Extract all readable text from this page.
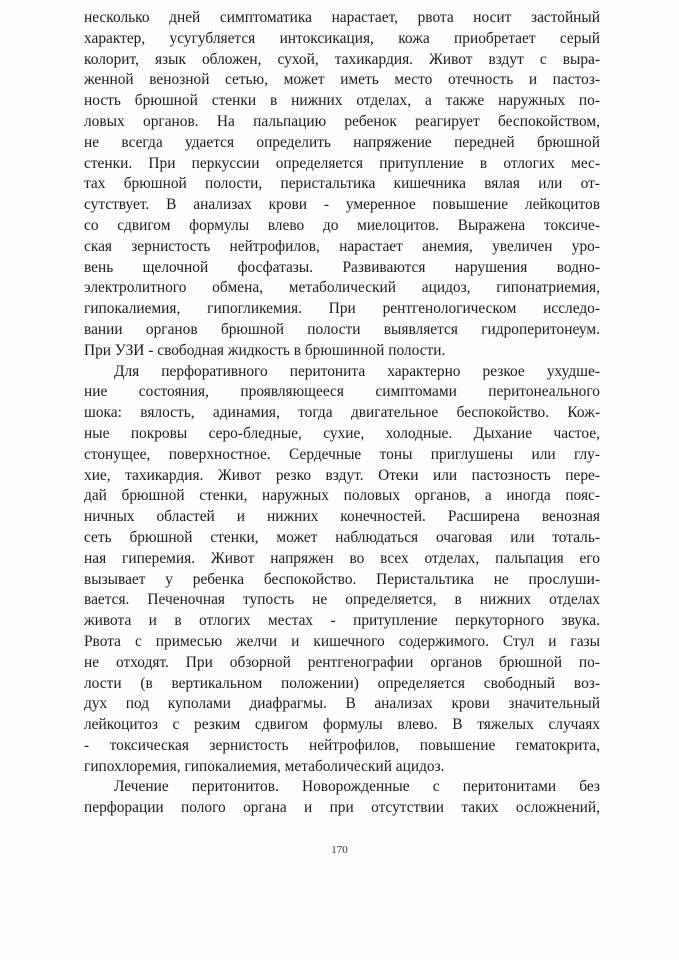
несколько дней симптоматика нарастает, рвота носит застойный
характер, усугубляется интоксикация, кожа приобретает серый
колорит, язык обложен, сухой, тахикардия. Живот вздут с выра-
женной венозной сетью, может иметь место отечность и пастоз-
ность брюшной стенки в нижних отделах, а также наружных по-
ловых органов. На пальпацию ребенок реагирует беспокойством,
не всегда удается определить напряжение передней брюшной
стенки. При перкуссии определяется притупление в отлогих мес-
тах брюшной полости, перистальтика кишечника вялая или от-
сутствует. В анализах крови - умеренное повышение лейкоцитов
со сдвигом формулы влево до миелоцитов. Выражена токсиче-
ская зернистость нейтрофилов, нарастает анемия, увеличен уро-
вень щелочной фосфатазы. Развиваются нарушения водно-
электролитного обмена, метаболический ацидоз, гипонатриемия,
гипокалиемия, гипогликемия. При рентгенологическом исследо-
вании органов брюшной полости выявляется гидроперитонеум.
При УЗИ - свободная жидкость в брюшинной полости.
Для перфоративного перитонита характерно резкое ухудше-
ние состояния, проявляющееся симптомами перитонеального
шока: вялость, адинамия, тогда двигательное беспокойство. Кож-
ные покровы серо-бледные, сухие, холодные. Дыхание частое,
стонущее, поверхностное. Сердечные тоны приглушены или глу-
хие, тахикардия. Живот резко вздут. Отеки или пастозность пере-
дай брюшной стенки, наружных половых органов, а иногда пояс-
ничных областей и нижних конечностей. Расширена венозная
сеть брюшной стенки, может наблюдаться очаговая или тоталь-
ная гиперемия. Живот напряжен во всех отделах, пальпация его
вызывает у ребенка беспокойство. Перистальтика не прослуши-
вается. Печеночная тупость не определяется, в нижних отделах
живота и в отлогих местах - притупление перкуторного звука.
Рвота с примесью желчи и кишечного содержимого. Стул и газы
не отходят. При обзорной рентгенографии органов брюшной по-
лости (в вертикальном положении) определяется свободный воз-
дух под куполами диафрагмы. В анализах крови значительный
лейкоцитоз с резким сдвигом формулы влево. В тяжелых случаях
- токсическая зернистость нейтрофилов, повышение гематокрита,
гипохлоремия, гипокалиемия, метаболический ацидоз.
Лечение перитонитов. Новорожденные с перитонитами без
перфорации полого органа и при отсутствии таких осложнений,
170
